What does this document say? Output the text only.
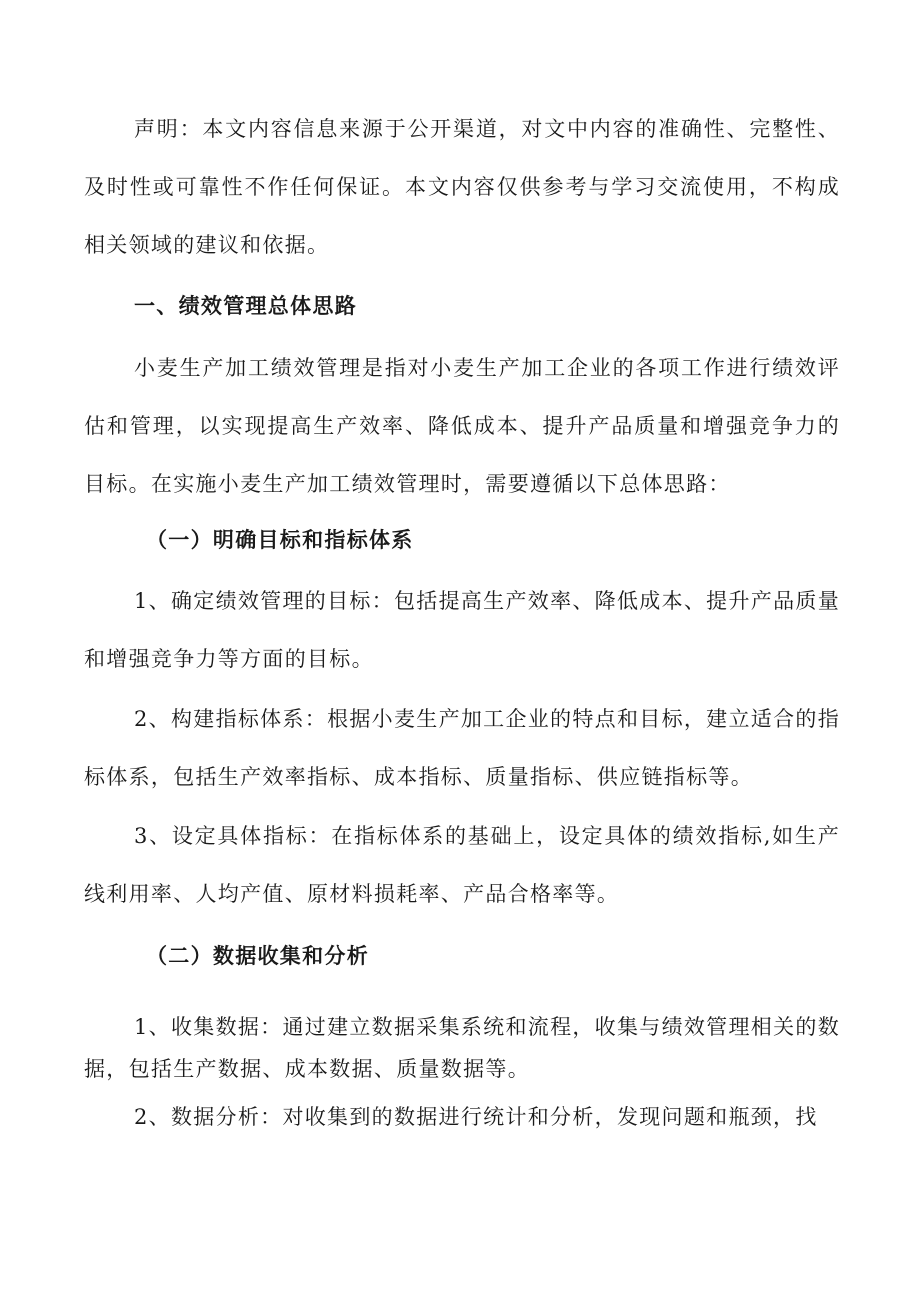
声明：本文内容信息来源于公开渠道，对文中内容的准确性、完整性、及时性或可靠性不作任何保证。本文内容仅供参考与学习交流使用，不构成相关领域的建议和依据。

一、绩效管理总体思路

小麦生产加工绩效管理是指对小麦生产加工企业的各项工作进行绩效评估和管理，以实现提高生产效率、降低成本、提升产品质量和增强竞争力的目标。在实施小麦生产加工绩效管理时，需要遵循以下总体思路：

（一）明确目标和指标体系

1、确定绩效管理的目标：包括提高生产效率、降低成本、提升产品质量和增强竞争力等方面的目标。

2、构建指标体系：根据小麦生产加工企业的特点和目标，建立适合的指标体系，包括生产效率指标、成本指标、质量指标、供应链指标等。

3、设定具体指标：在指标体系的基础上，设定具体的绩效指标,如生产线利用率、人均产值、原材料损耗率、产品合格率等。

（二）数据收集和分析

1、收集数据：通过建立数据采集系统和流程，收集与绩效管理相关的数据，包括生产数据、成本数据、质量数据等。

2、数据分析：对收集到的数据进行统计和分析，发现问题和瓶颈，找
